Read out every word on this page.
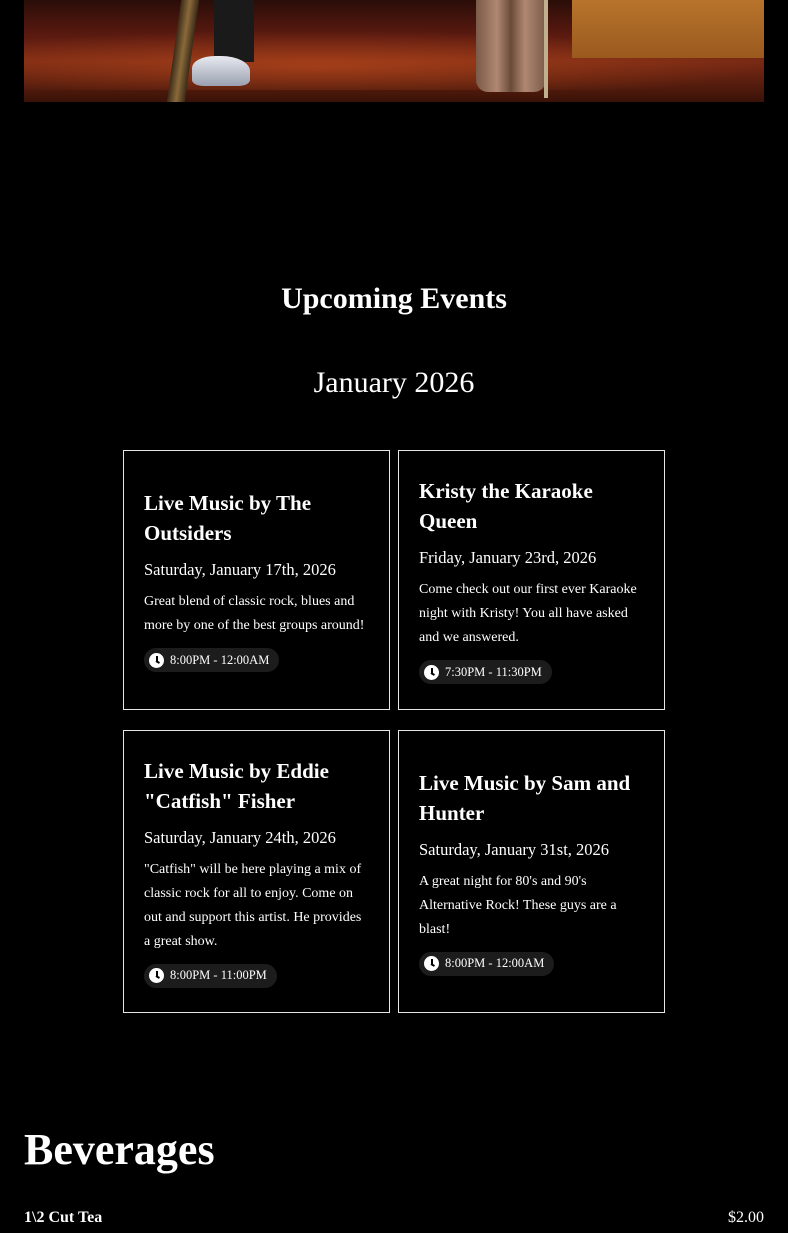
Upcoming Events
January 2026
Live Music by The Outsiders
Saturday, January 17th, 2026
Great blend of classic rock, blues and more by one of the best groups around!
8:00PM - 12:00AM
Kristy the Karaoke Queen
Friday, January 23rd, 2026
Come check out our first ever Karaoke night with Kristy! You all have asked and we answered.
7:30PM - 11:30PM
Live Music by Eddie "Catfish" Fisher
Saturday, January 24th, 2026
"Catfish" will be here playing a mix of classic rock for all to enjoy. Come on out and support this artist. He provides a great show.
8:00PM - 11:00PM
Live Music by Sam and Hunter
Saturday, January 31st, 2026
A great night for 80's and 90's Alternative Rock! These guys are a blast!
8:00PM - 12:00AM
Beverages
1\2 Cut Tea	$2.00
